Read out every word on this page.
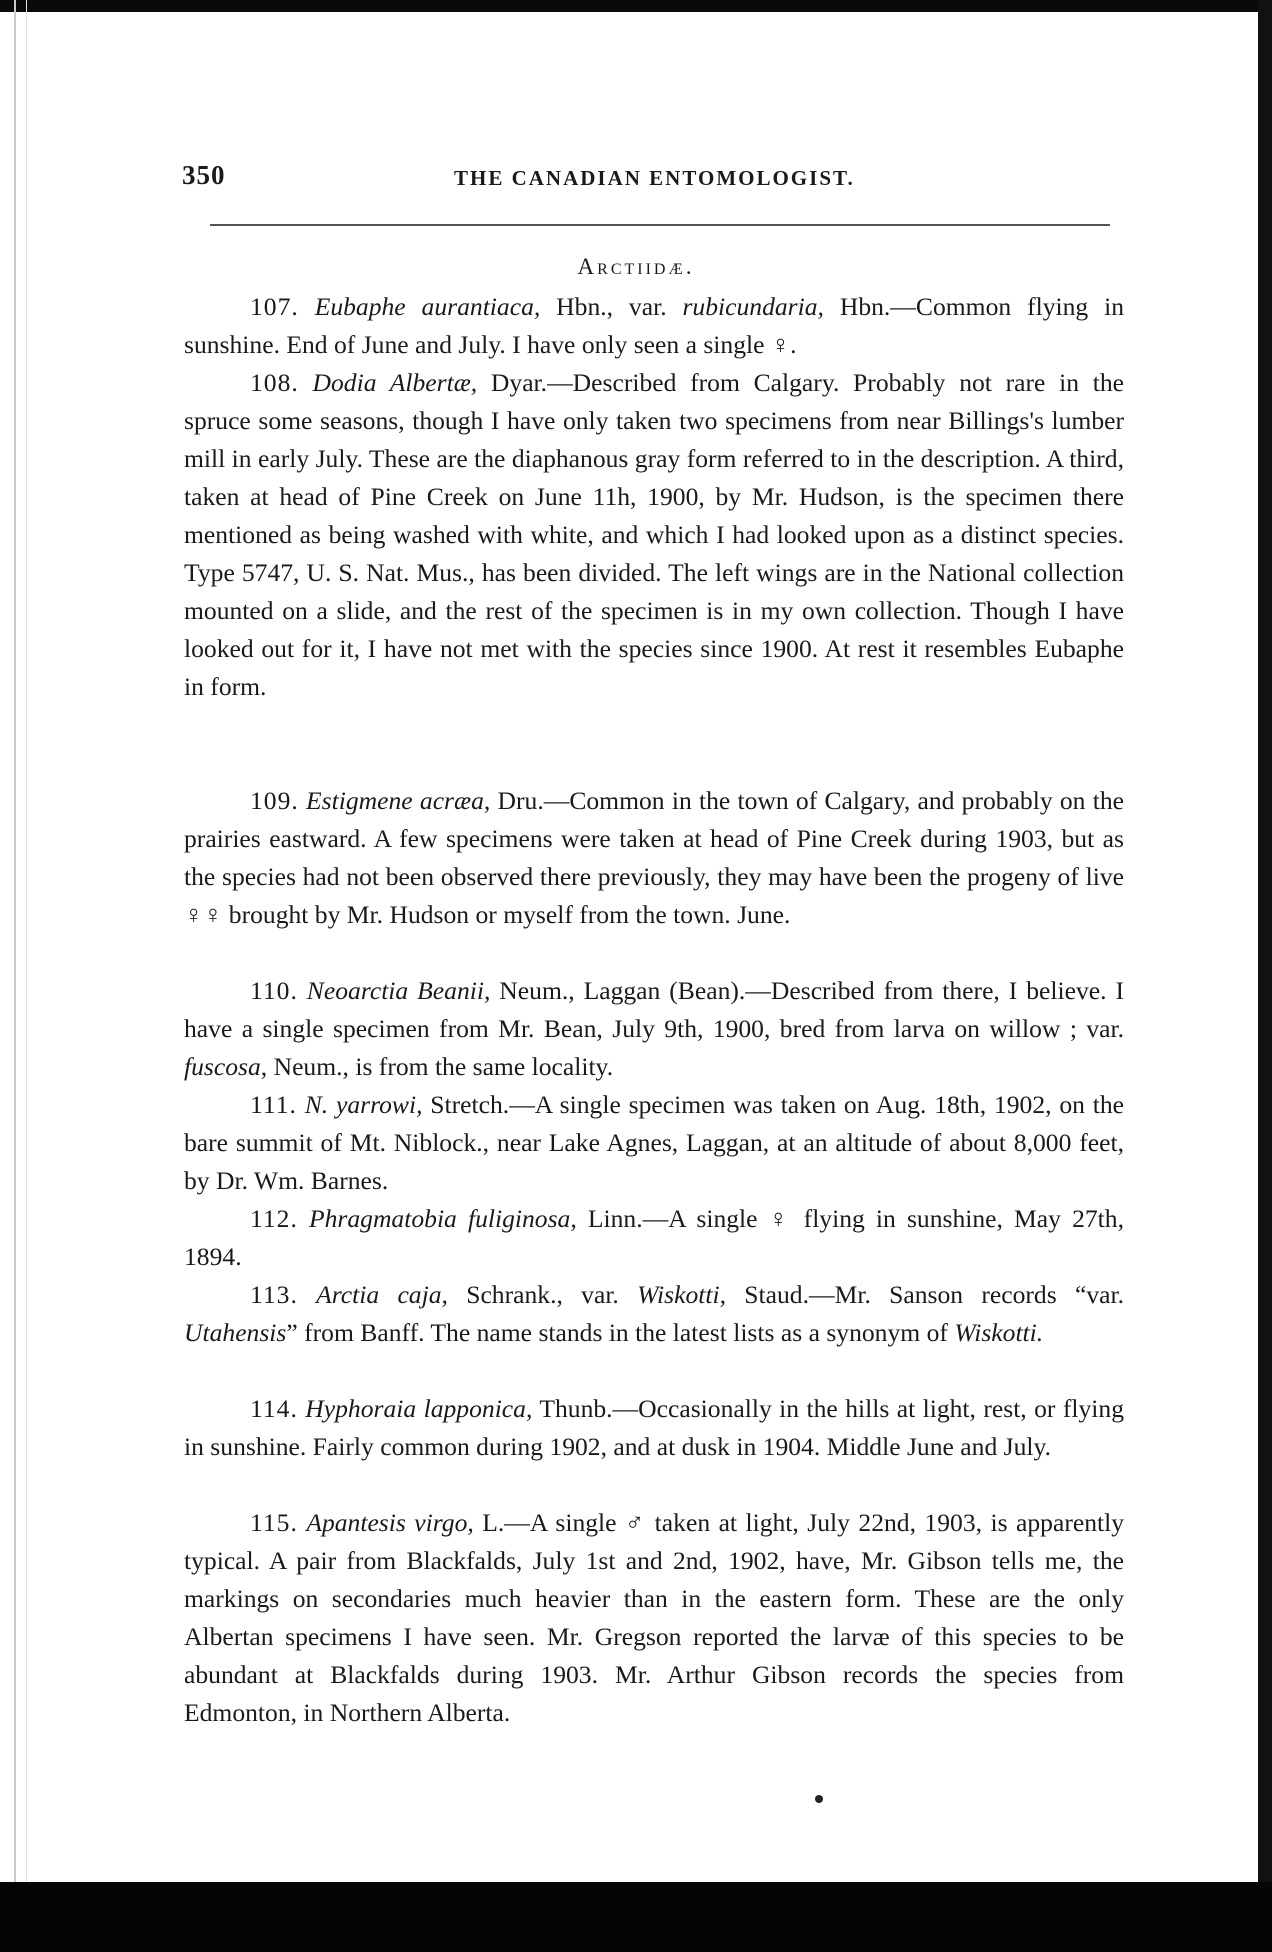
350	THE CANADIAN ENTOMOLOGIST.
Arctiidæ.

107. Eubaphe aurantiaca, Hbn., var. rubicundaria, Hbn.—Common flying in sunshine. End of June and July. I have only seen a single ♀.

108. Dodia Albertæ, Dyar.—Described from Calgary. Probably not rare in the spruce some seasons, though I have only taken two specimens from near Billings's lumber mill in early July. These are the diaphanous gray form referred to in the description. A third, taken at head of Pine Creek on June 11h, 1900, by Mr. Hudson, is the specimen there mentioned as being washed with white, and which I had looked upon as a distinct species. Type 5747, U. S. Nat. Mus., has been divided. The left wings are in the National collection mounted on a slide, and the rest of the specimen is in my own collection. Though I have looked out for it, I have not met with the species since 1900. At rest it resembles Eubaphe in form.

109. Estigmene acræa, Dru.—Common in the town of Calgary, and probably on the prairies eastward. A few specimens were taken at head of Pine Creek during 1903, but as the species had not been observed there previously, they may have been the progeny of live ♀♀ brought by Mr. Hudson or myself from the town. June.

110. Neoarctia Beanii, Neum., Laggan (Bean).—Described from there, I believe. I have a single specimen from Mr. Bean, July 9th, 1900, bred from larva on willow ; var. fuscosa, Neum., is from the same locality.

111. N. yarrowi, Stretch.—A single specimen was taken on Aug. 18th, 1902, on the bare summit of Mt. Niblock., near Lake Agnes, Laggan, at an altitude of about 8,000 feet, by Dr. Wm. Barnes.

112. Phragmatobia fuliginosa, Linn.—A single ♀ flying in sunshine, May 27th, 1894.

113. Arctia caja, Schrank., var. Wiskotti, Staud.—Mr. Sanson records “var. Utahensis” from Banff. The name stands in the latest lists as a synonym of Wiskotti.

114. Hyphoraia lapponica, Thunb.—Occasionally in the hills at light, rest, or flying in sunshine. Fairly common during 1902, and at dusk in 1904. Middle June and July.

115. Apantesis virgo, L.—A single ♂ taken at light, July 22nd, 1903, is apparently typical. A pair from Blackfalds, July 1st and 2nd, 1902, have, Mr. Gibson tells me, the markings on secondaries much heavier than in the eastern form. These are the only Albertan specimens I have seen. Mr. Gregson reported the larvæ of this species to be abundant at Blackfalds during 1903. Mr. Arthur Gibson records the species from Edmonton, in Northern Alberta.
